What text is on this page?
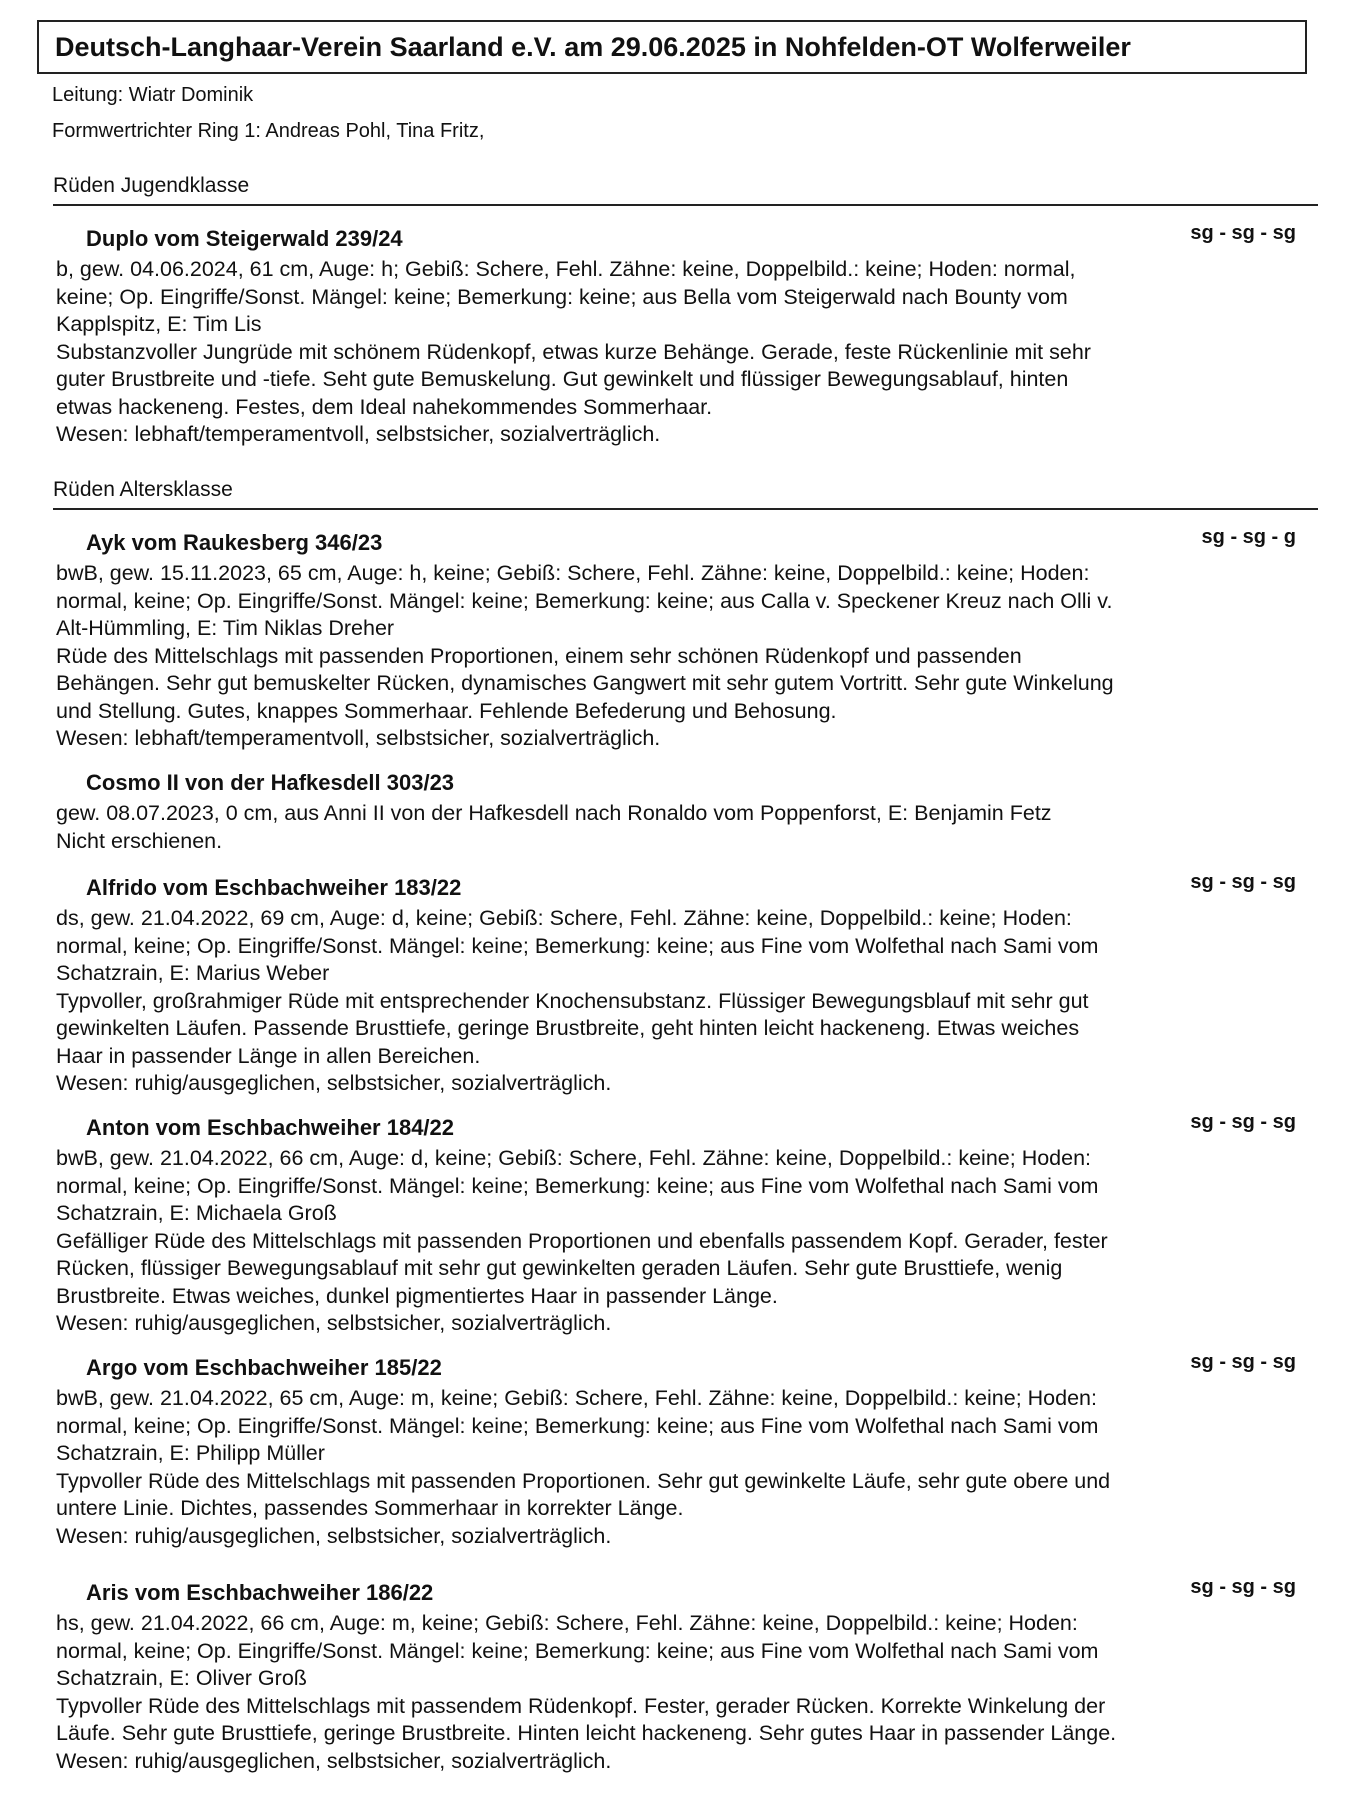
Deutsch-Langhaar-Verein Saarland e.V. am 29.06.2025 in Nohfelden-OT Wolferweiler
Leitung: Wiatr Dominik
Formwertrichter Ring 1: Andreas Pohl, Tina Fritz,
Rüden Jugendklasse
Duplo vom Steigerwald 239/24	sg - sg - sg
b, gew. 04.06.2024, 61 cm, Auge: h; Gebiß: Schere, Fehl. Zähne: keine, Doppelbild.: keine; Hoden: normal,
keine; Op. Eingriffe/Sonst. Mängel: keine; Bemerkung: keine; aus Bella vom Steigerwald nach Bounty vom
Kapplspitz, E: Tim Lis
Substanzvoller Jungrüde mit schönem Rüdenkopf, etwas kurze Behänge. Gerade, feste Rückenlinie mit sehr
guter Brustbreite und -tiefe. Seht gute Bemuskelung. Gut gewinkelt und flüssiger Bewegungsablauf, hinten
etwas hackeneng. Festes, dem Ideal nahekommendes Sommerhaar.
Wesen: lebhaft/temperamentvoll, selbstsicher, sozialverträglich.
Rüden Altersklasse
Ayk vom Raukesberg 346/23	sg - sg - g
bwB, gew. 15.11.2023, 65 cm, Auge: h, keine; Gebiß: Schere, Fehl. Zähne: keine, Doppelbild.: keine; Hoden:
normal, keine; Op. Eingriffe/Sonst. Mängel: keine; Bemerkung: keine; aus Calla v. Speckener Kreuz nach Olli v.
Alt-Hümmling, E: Tim Niklas Dreher
Rüde des Mittelschlags mit passenden Proportionen, einem sehr schönen Rüdenkopf und passenden
Behängen. Sehr gut bemuskelter Rücken, dynamisches Gangwert mit sehr gutem Vortritt. Sehr gute Winkelung
und Stellung. Gutes, knappes Sommerhaar. Fehlende Befederung und Behosung.
Wesen: lebhaft/temperamentvoll, selbstsicher, sozialverträglich.
Cosmo II von der Hafkesdell 303/23
gew. 08.07.2023, 0 cm, aus Anni II von der Hafkesdell nach Ronaldo vom Poppenforst, E: Benjamin Fetz
Nicht erschienen.
Alfrido vom Eschbachweiher 183/22	sg - sg - sg
ds, gew. 21.04.2022, 69 cm, Auge: d, keine; Gebiß: Schere, Fehl. Zähne: keine, Doppelbild.: keine; Hoden:
normal, keine; Op. Eingriffe/Sonst. Mängel: keine; Bemerkung: keine; aus Fine vom Wolfethal nach Sami vom
Schatzrain, E: Marius Weber
Typvoller, großrahmiger Rüde mit entsprechender Knochensubstanz. Flüssiger Bewegungsblauf mit sehr gut
gewinkelten Läufen. Passende Brusttiefe, geringe Brustbreite, geht hinten leicht hackeneng. Etwas weiches
Haar in passender Länge in allen Bereichen.
Wesen: ruhig/ausgeglichen, selbstsicher, sozialverträglich.
Anton vom Eschbachweiher 184/22	sg - sg - sg
bwB, gew. 21.04.2022, 66 cm, Auge: d, keine; Gebiß: Schere, Fehl. Zähne: keine, Doppelbild.: keine; Hoden:
normal, keine; Op. Eingriffe/Sonst. Mängel: keine; Bemerkung: keine; aus Fine vom Wolfethal nach Sami vom
Schatzrain, E: Michaela Groß
Gefälliger Rüde des Mittelschlags mit passenden Proportionen und ebenfalls passendem Kopf. Gerader, fester
Rücken, flüssiger Bewegungsablauf mit sehr gut gewinkelten geraden Läufen. Sehr gute Brusttiefe, wenig
Brustbreite. Etwas weiches, dunkel pigmentiertes Haar in passender Länge.
Wesen: ruhig/ausgeglichen, selbstsicher, sozialverträglich.
Argo vom Eschbachweiher 185/22	sg - sg - sg
bwB, gew. 21.04.2022, 65 cm, Auge: m, keine; Gebiß: Schere, Fehl. Zähne: keine, Doppelbild.: keine; Hoden:
normal, keine; Op. Eingriffe/Sonst. Mängel: keine; Bemerkung: keine; aus Fine vom Wolfethal nach Sami vom
Schatzrain, E: Philipp Müller
Typvoller Rüde des Mittelschlags mit passenden Proportionen. Sehr gut gewinkelte Läufe, sehr gute obere und
untere Linie. Dichtes, passendes Sommerhaar in korrekter Länge.
Wesen: ruhig/ausgeglichen, selbstsicher, sozialverträglich.
Aris vom Eschbachweiher 186/22	sg - sg - sg
hs, gew. 21.04.2022, 66 cm, Auge: m, keine; Gebiß: Schere, Fehl. Zähne: keine, Doppelbild.: keine; Hoden:
normal, keine; Op. Eingriffe/Sonst. Mängel: keine; Bemerkung: keine; aus Fine vom Wolfethal nach Sami vom
Schatzrain, E: Oliver Groß
Typvoller Rüde des Mittelschlags mit passendem Rüdenkopf. Fester, gerader Rücken. Korrekte Winkelung der
Läufe. Sehr gute Brusttiefe, geringe Brustbreite. Hinten leicht hackeneng. Sehr gutes Haar in passender Länge.
Wesen: ruhig/ausgeglichen, selbstsicher, sozialverträglich.
